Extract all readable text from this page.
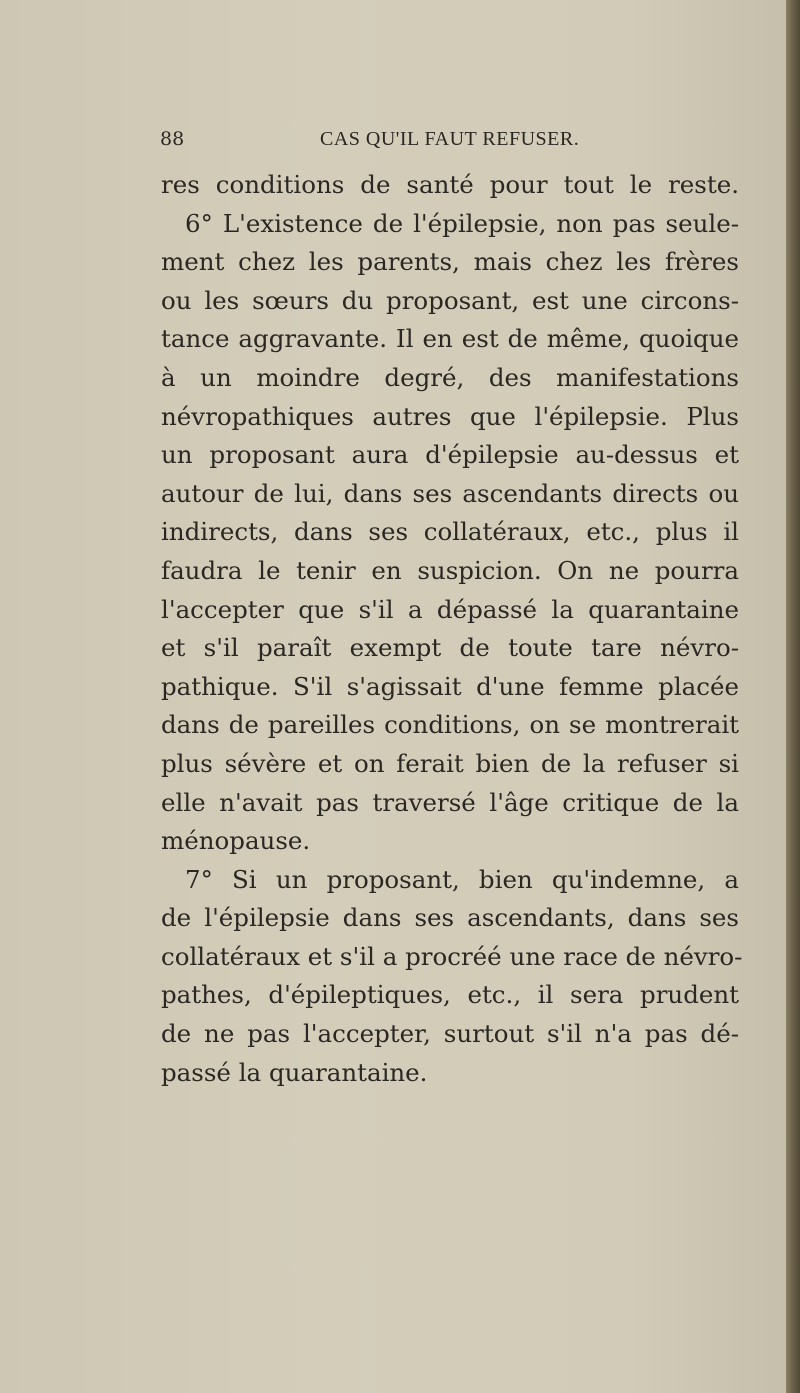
88	CAS QU'IL FAUT REFUSER.
res conditions de santé pour tout le reste.
6° L'existence de l'épilepsie, non pas seule-
ment chez les parents, mais chez les frères
ou les sœurs du proposant, est une circons-
tance aggravante. Il en est de même, quoique
à un moindre degré, des manifestations
névropathiques autres que l'épilepsie. Plus
un proposant aura d'épilepsie au-dessus et
autour de lui, dans ses ascendants directs ou
indirects, dans ses collatéraux, etc., plus il
faudra le tenir en suspicion. On ne pourra
l'accepter que s'il a dépassé la quarantaine
et s'il paraît exempt de toute tare névro-
pathique. S'il s'agissait d'une femme placée
dans de pareilles conditions, on se montrerait
plus sévère et on ferait bien de la refuser si
elle n'avait pas traversé l'âge critique de la
ménopause.
7° Si un proposant, bien qu'indemne, a
de l'épilepsie dans ses ascendants, dans ses
collatéraux et s'il a procréé une race de névro-
pathes, d'épileptiques, etc., il sera prudent
de ne pas l'accepter, surtout s'il n'a pas dé-
passé la quarantaine.
